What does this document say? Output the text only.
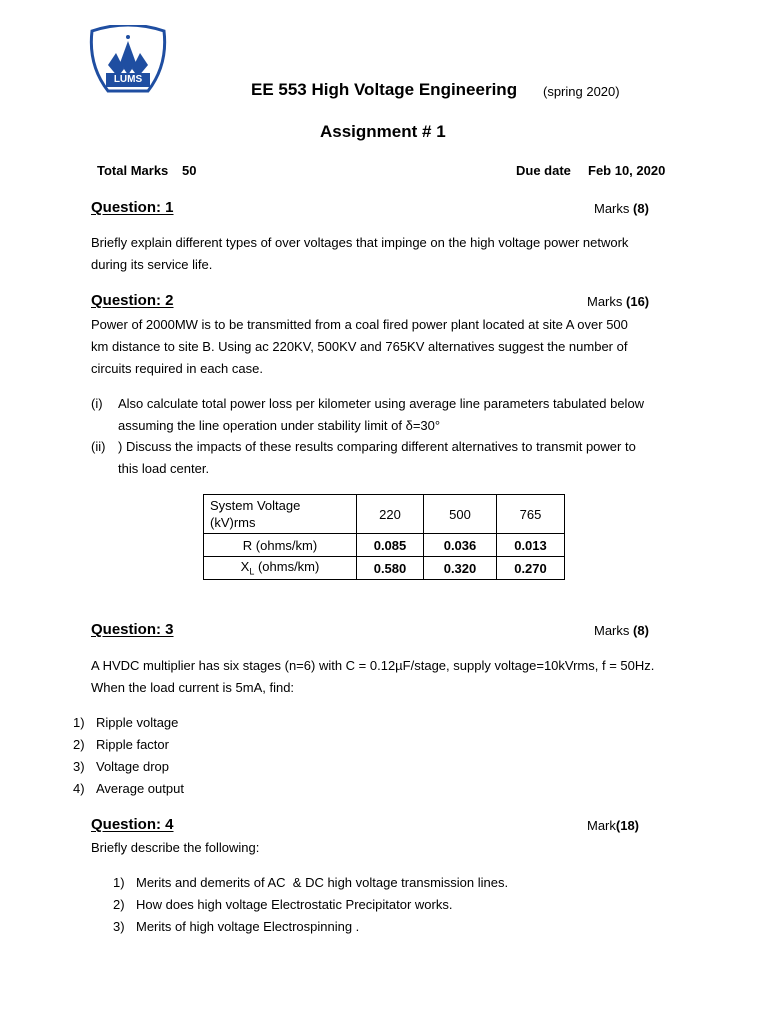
LUMS
EE 553 High Voltage Engineering (spring 2020)
Assignment # 1
Total Marks 50	Due date Feb 10, 2020
Question: 1	Marks (8)
Briefly explain different types of over voltages that impinge on the high voltage power network
during its service life.
Question: 2	Marks (16)
Power of 2000MW is to be transmitted from a coal fired power plant located at site A over 500
km distance to site B. Using ac 220KV, 500KV and 765KV alternatives suggest the number of
circuits required in each case.
(i) Also calculate total power loss per kilometer using average line parameters tabulated below
assuming the line operation under stability limit of δ=30°
(ii) ) Discuss the impacts of these results comparing different alternatives to transmit power to
this load center.
System Voltage
(kV)rms	220	500	765
R (ohms/km)	0.085	0.036	0.013
$X_L$ (ohms/km)	0.580	0.320	0.270
Question: 3	Marks (8)
A HVDC multiplier has six stages (n=6) with C = 0.12µF/stage, supply voltage=10kVrms, f = 50Hz.
When the load current is 5mA, find:
1) Ripple voltage
2) Ripple factor
3) Voltage drop
4) Average output
Question: 4	Mark(18)
Briefly describe the following:
1) Merits and demerits of AC  & DC high voltage transmission lines.
2) How does high voltage Electrostatic Precipitator works.
3) Merits of high voltage Electrospinning .
